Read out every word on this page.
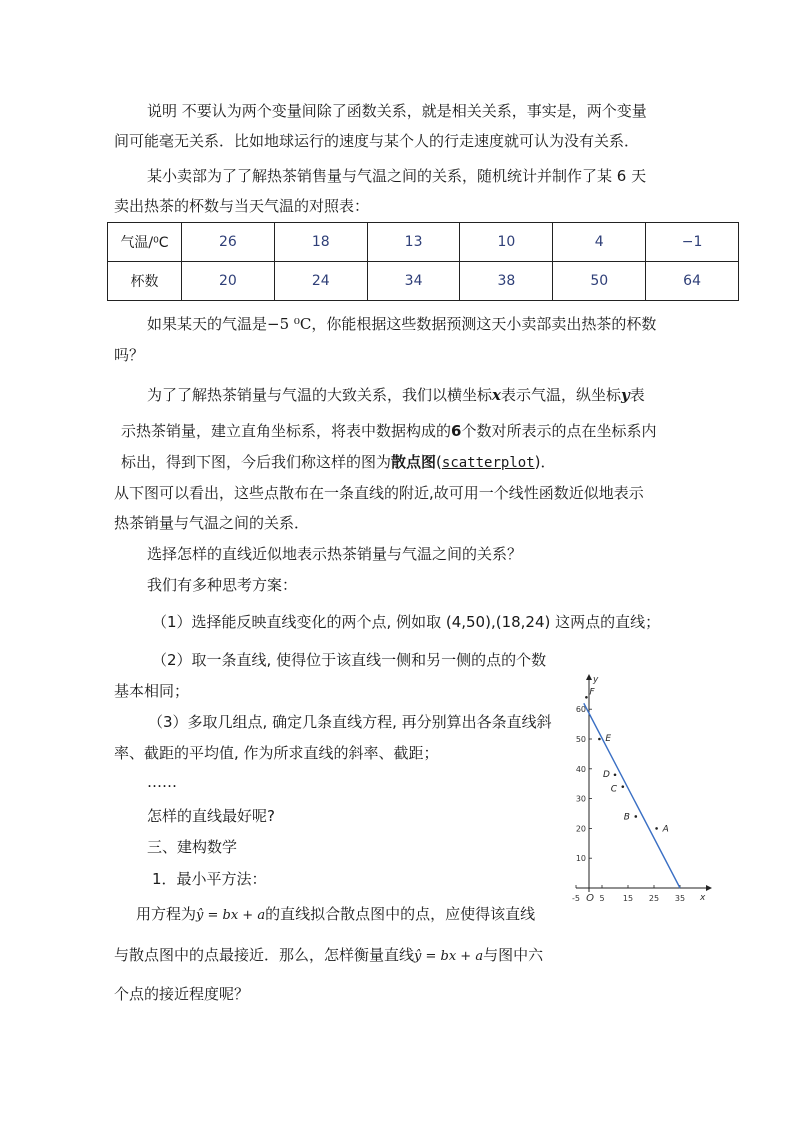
说明 不要认为两个变量间除了函数关系，就是相关关系，事实是，两个变量
间可能毫无关系．比如地球运行的速度与某个人的行走速度就可认为没有关系．
某小卖部为了了解热茶销售量与气温之间的关系，随机统计并制作了某 6 天
卖出热茶的杯数与当天气温的对照表：
气温/⁰C	26	18	13	10	4	−1
杯数	20	24	34	38	50	64
如果某天的气温是−5 ⁰C，你能根据这些数据预测这天小卖部卖出热茶的杯数
吗？
为了了解热茶销量与气温的大致关系，我们以横坐标x表示气温，纵坐标y表
示热茶销量，建立直角坐标系，将表中数据构成的6个数对所表示的点在坐标系内
标出，得到下图，今后我们称这样的图为散点图(scatterplot)．
从下图可以看出，这些点散布在一条直线的附近,故可用一个线性函数近似地表示
热茶销量与气温之间的关系．
选择怎样的直线近似地表示热茶销量与气温之间的关系？
我们有多种思考方案：
（1）选择能反映直线变化的两个点, 例如取 (4,50),(18,24) 这两点的直线；
（2）取一条直线, 使得位于该直线一侧和另一侧的点的个数
基本相同；
（3）多取几组点, 确定几条直线方程, 再分别算出各条直线斜
率、截距的平均值, 作为所求直线的斜率、截距；
……
怎样的直线最好呢?
三、建构数学
1．最小平方法：
用方程为ŷ = bx + a的直线拟合散点图中的点，应使得该直线
与散点图中的点最接近．那么，怎样衡量直线ŷ = bx + a与图中六
个点的接近程度呢？
x
y
10
20
30
40
50
60
-5 O 5 15 25 35
A
B
C
D
E
F
